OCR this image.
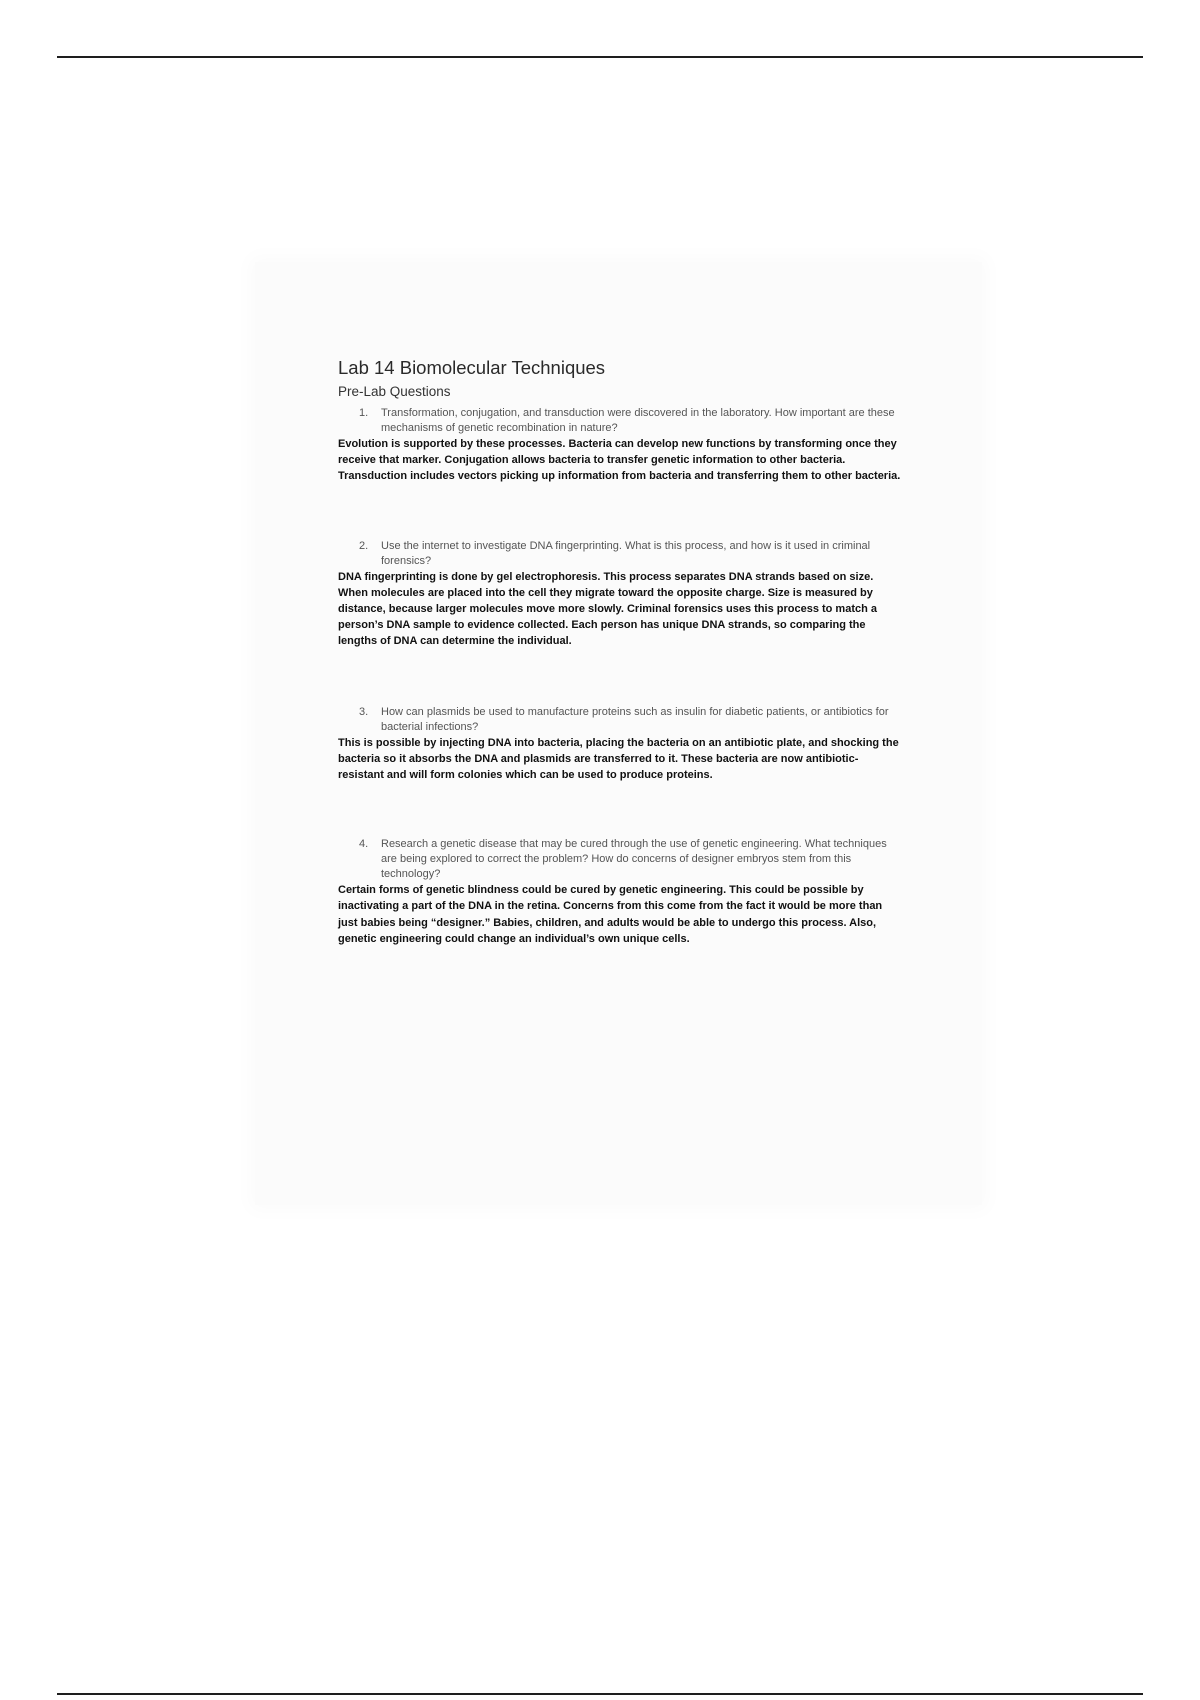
Lab 14 Biomolecular Techniques
Pre-Lab Questions
1.	Transformation, conjugation, and transduction were discovered in the laboratory. How important are these mechanisms of genetic recombination in nature?

Evolution is supported by these processes. Bacteria can develop new functions by transforming once they receive that marker. Conjugation allows bacteria to transfer genetic information to other bacteria. Transduction includes vectors picking up information from bacteria and transferring them to other bacteria.

2.	Use the internet to investigate DNA fingerprinting. What is this process, and how is it used in criminal forensics?

DNA fingerprinting is done by gel electrophoresis. This process separates DNA strands based on size. When molecules are placed into the cell they migrate toward the opposite charge. Size is measured by distance, because larger molecules move more slowly. Criminal forensics uses this process to match a person’s DNA sample to evidence collected. Each person has unique DNA strands, so comparing the lengths of DNA can determine the individual.

3.	How can plasmids be used to manufacture proteins such as insulin for diabetic patients, or antibiotics for bacterial infections?

This is possible by injecting DNA into bacteria, placing the bacteria on an antibiotic plate, and shocking the bacteria so it absorbs the DNA and plasmids are transferred to it. These bacteria are now antibiotic-resistant and will form colonies which can be used to produce proteins.

4.	Research a genetic disease that may be cured through the use of genetic engineering. What techniques are being explored to correct the problem? How do concerns of designer embryos stem from this technology?

Certain forms of genetic blindness could be cured by genetic engineering. This could be possible by inactivating a part of the DNA in the retina. Concerns from this come from the fact it would be more than just babies being “designer.” Babies, children, and adults would be able to undergo this process. Also, genetic engineering could change an individual’s own unique cells.
